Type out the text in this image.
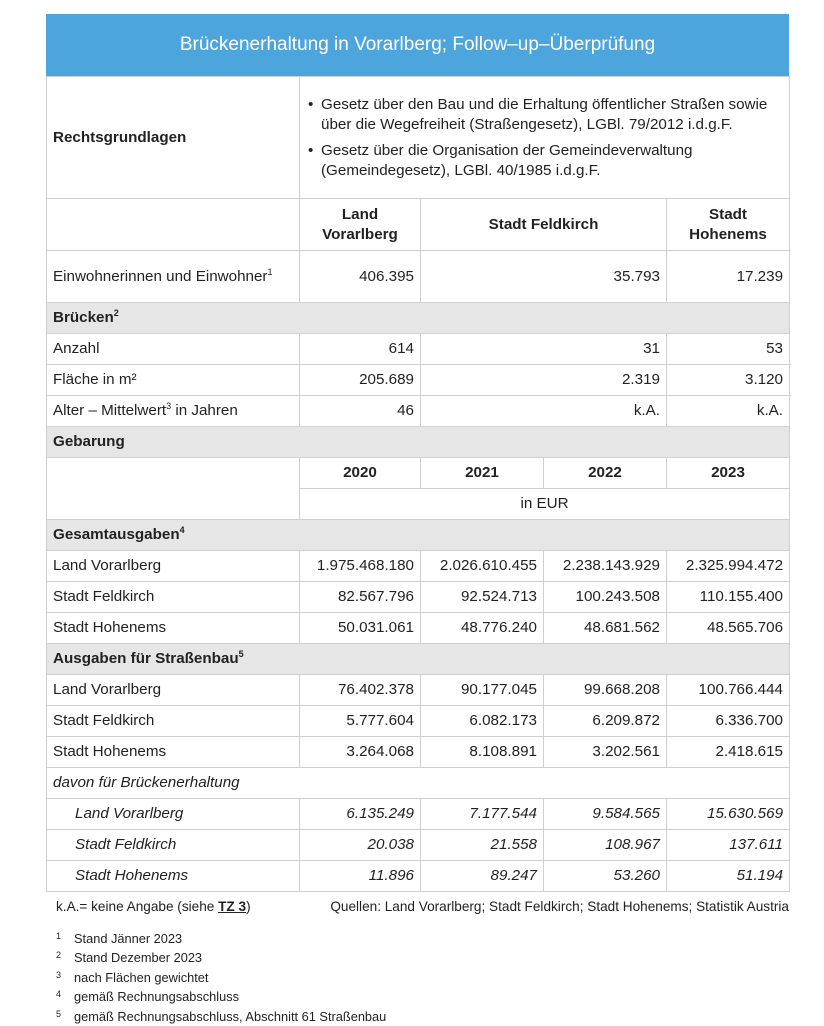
Brückenerhaltung in Vorarlberg; Follow–up–Überprüfung
Rechtsgrundlagen	• Gesetz über den Bau und die Erhaltung öffentlicher Straßen sowie über die Wegefreiheit (Straßengesetz), LGBl. 79/2012 i.d.g.F.
• Gesetz über die Organisation der Gemeindeverwaltung (Gemeindegesetz), LGBl. 40/1985 i.d.g.F.			

	Land Vorarlberg	Stadt Feldkirch		Stadt Hohenems
Einwohnerinnen und Einwohner$^1$	406.395	35.793		17.239
Brücken$^2$
Anzahl	614	31		53
Fläche in m²	205.689	2.319		3.120
Alter – Mittelwert$^3$ in Jahren	46	k.A.		k.A.
Gebarung				
	2020	2021	2022	2023
	in EUR			
Gesamtausgaben$^4$
Land Vorarlberg	1.975.468.180	2.026.610.455	2.238.143.929	2.325.994.472
Stadt Feldkirch	82.567.796	92.524.713	100.243.508	110.155.400
Stadt Hohenems	50.031.061	48.776.240	48.681.562	48.565.706
Ausgaben für Straßenbau$^5$
Land Vorarlberg	76.402.378	90.177.045	99.668.208	100.766.444
Stadt Feldkirch	5.777.604	6.082.173	6.209.872	6.336.700
Stadt Hohenems	3.264.068	8.108.891	3.202.561	2.418.615
davon für Brückenerhaltung				
Land Vorarlberg	6.135.249	7.177.544	9.584.565	15.630.569
Stadt Feldkirch	20.038	21.558	108.967	137.611
Stadt Hohenems	11.896	89.247	53.260	51.194
k.A.= keine Angabe (siehe TZ 3)	Quellen: Land Vorarlberg; Stadt Feldkirch; Stadt Hohenems; Statistik Austria
1	Stand Jänner 2023
2	Stand Dezember 2023
3	nach Flächen gewichtet
4	gemäß Rechnungsabschluss
5	gemäß Rechnungsabschluss, Abschnitt 61 Straßenbau
